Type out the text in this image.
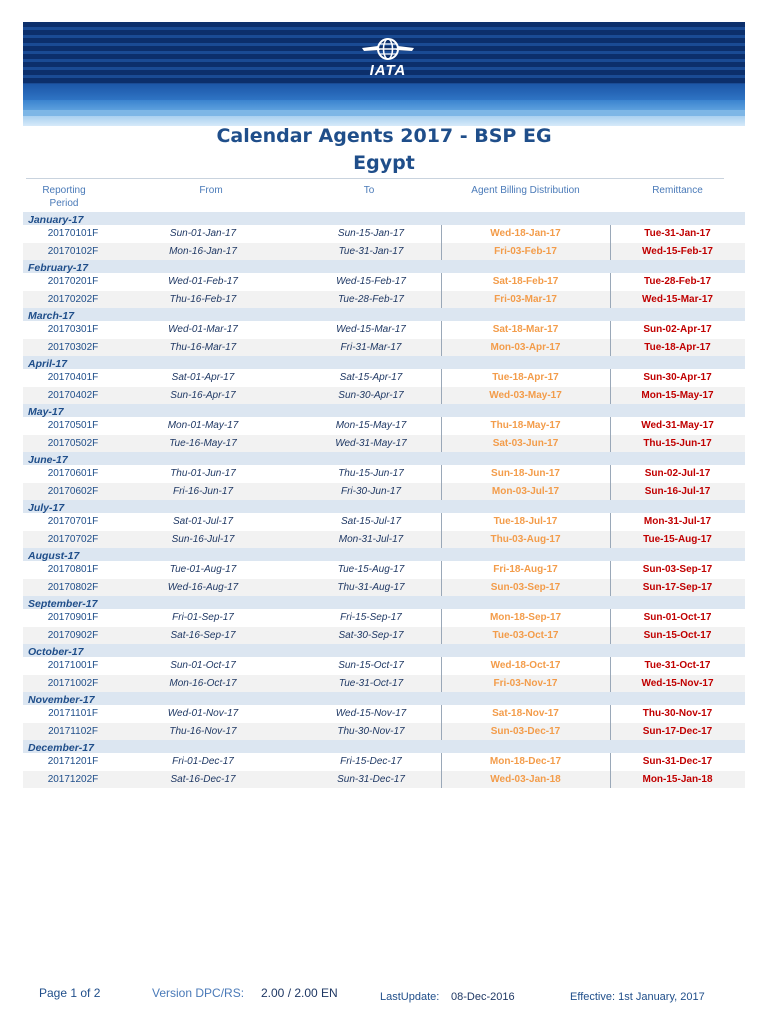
IATA
Calendar Agents 2017 - BSP EG
Egypt
Reporting
Period
From	To	Agent Billing Distribution	Remittance
January-17
20170101F	Sun-01-Jan-17	Sun-15-Jan-17	Wed-18-Jan-17	Tue-31-Jan-17
20170102F	Mon-16-Jan-17	Tue-31-Jan-17	Fri-03-Feb-17	Wed-15-Feb-17
February-17
20170201F	Wed-01-Feb-17	Wed-15-Feb-17	Sat-18-Feb-17	Tue-28-Feb-17
20170202F	Thu-16-Feb-17	Tue-28-Feb-17	Fri-03-Mar-17	Wed-15-Mar-17
March-17
20170301F	Wed-01-Mar-17	Wed-15-Mar-17	Sat-18-Mar-17	Sun-02-Apr-17
20170302F	Thu-16-Mar-17	Fri-31-Mar-17	Mon-03-Apr-17	Tue-18-Apr-17
April-17
20170401F	Sat-01-Apr-17	Sat-15-Apr-17	Tue-18-Apr-17	Sun-30-Apr-17
20170402F	Sun-16-Apr-17	Sun-30-Apr-17	Wed-03-May-17	Mon-15-May-17
May-17
20170501F	Mon-01-May-17	Mon-15-May-17	Thu-18-May-17	Wed-31-May-17
20170502F	Tue-16-May-17	Wed-31-May-17	Sat-03-Jun-17	Thu-15-Jun-17
June-17
20170601F	Thu-01-Jun-17	Thu-15-Jun-17	Sun-18-Jun-17	Sun-02-Jul-17
20170602F	Fri-16-Jun-17	Fri-30-Jun-17	Mon-03-Jul-17	Sun-16-Jul-17
July-17
20170701F	Sat-01-Jul-17	Sat-15-Jul-17	Tue-18-Jul-17	Mon-31-Jul-17
20170702F	Sun-16-Jul-17	Mon-31-Jul-17	Thu-03-Aug-17	Tue-15-Aug-17
August-17
20170801F	Tue-01-Aug-17	Tue-15-Aug-17	Fri-18-Aug-17	Sun-03-Sep-17
20170802F	Wed-16-Aug-17	Thu-31-Aug-17	Sun-03-Sep-17	Sun-17-Sep-17
September-17
20170901F	Fri-01-Sep-17	Fri-15-Sep-17	Mon-18-Sep-17	Sun-01-Oct-17
20170902F	Sat-16-Sep-17	Sat-30-Sep-17	Tue-03-Oct-17	Sun-15-Oct-17
October-17
20171001F	Sun-01-Oct-17	Sun-15-Oct-17	Wed-18-Oct-17	Tue-31-Oct-17
20171002F	Mon-16-Oct-17	Tue-31-Oct-17	Fri-03-Nov-17	Wed-15-Nov-17
November-17
20171101F	Wed-01-Nov-17	Wed-15-Nov-17	Sat-18-Nov-17	Thu-30-Nov-17
20171102F	Thu-16-Nov-17	Thu-30-Nov-17	Sun-03-Dec-17	Sun-17-Dec-17
December-17
20171201F	Fri-01-Dec-17	Fri-15-Dec-17	Mon-18-Dec-17	Sun-31-Dec-17
20171202F	Sat-16-Dec-17	Sun-31-Dec-17	Wed-03-Jan-18	Mon-15-Jan-18
Page 1 of 2	Version DPC/RS: 2.00 / 2.00 EN	LastUpdate: 08-Dec-2016	Effective: 1st January, 2017
